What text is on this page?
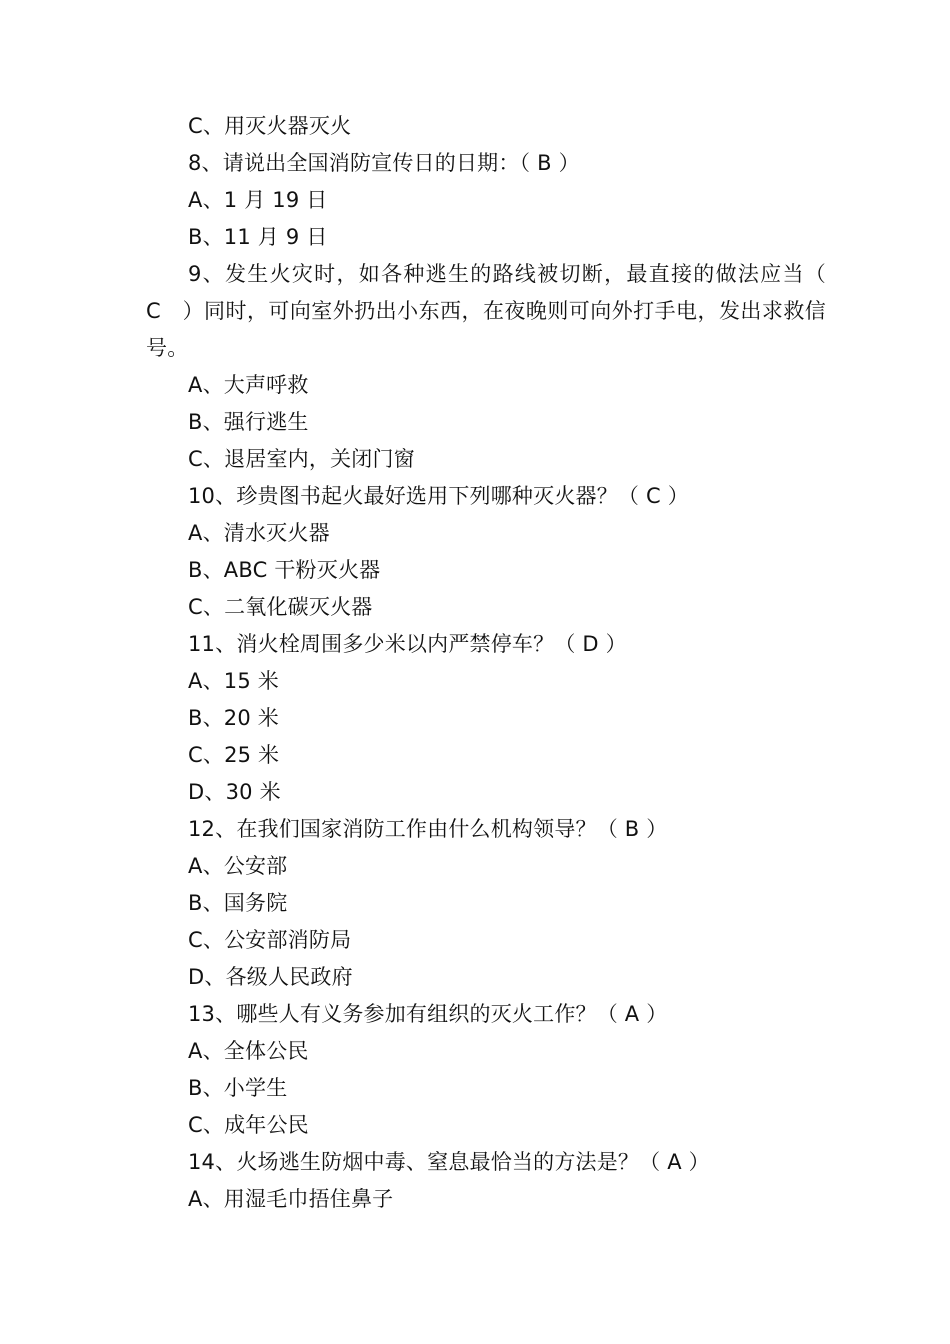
C、用灭火器灭火
8、请说出全国消防宣传日的日期：（ B ）
A、1 月 19 日
B、11 月 9 日
9、发生火灾时，如各种逃生的路线被切断，最直接的做法应当（　C　）同时，可向室外扔出小东西，在夜晚则可向外打手电，发出求救信号。
A、大声呼救
B、强行逃生
C、退居室内，关闭门窗
10、珍贵图书起火最好选用下列哪种灭火器？（ C ）
A、清水灭火器
B、ABC 干粉灭火器
C、二氧化碳灭火器
11、消火栓周围多少米以内严禁停车？（ D ）
A、15 米
B、20 米
C、25 米
D、30 米
12、在我们国家消防工作由什么机构领导？（ B ）
A、公安部
B、国务院
C、公安部消防局
D、各级人民政府
13、哪些人有义务参加有组织的灭火工作？（ A ）
A、全体公民
B、小学生
C、成年公民
14、火场逃生防烟中毒、窒息最恰当的方法是？（ A ）
A、用湿毛巾捂住鼻子
